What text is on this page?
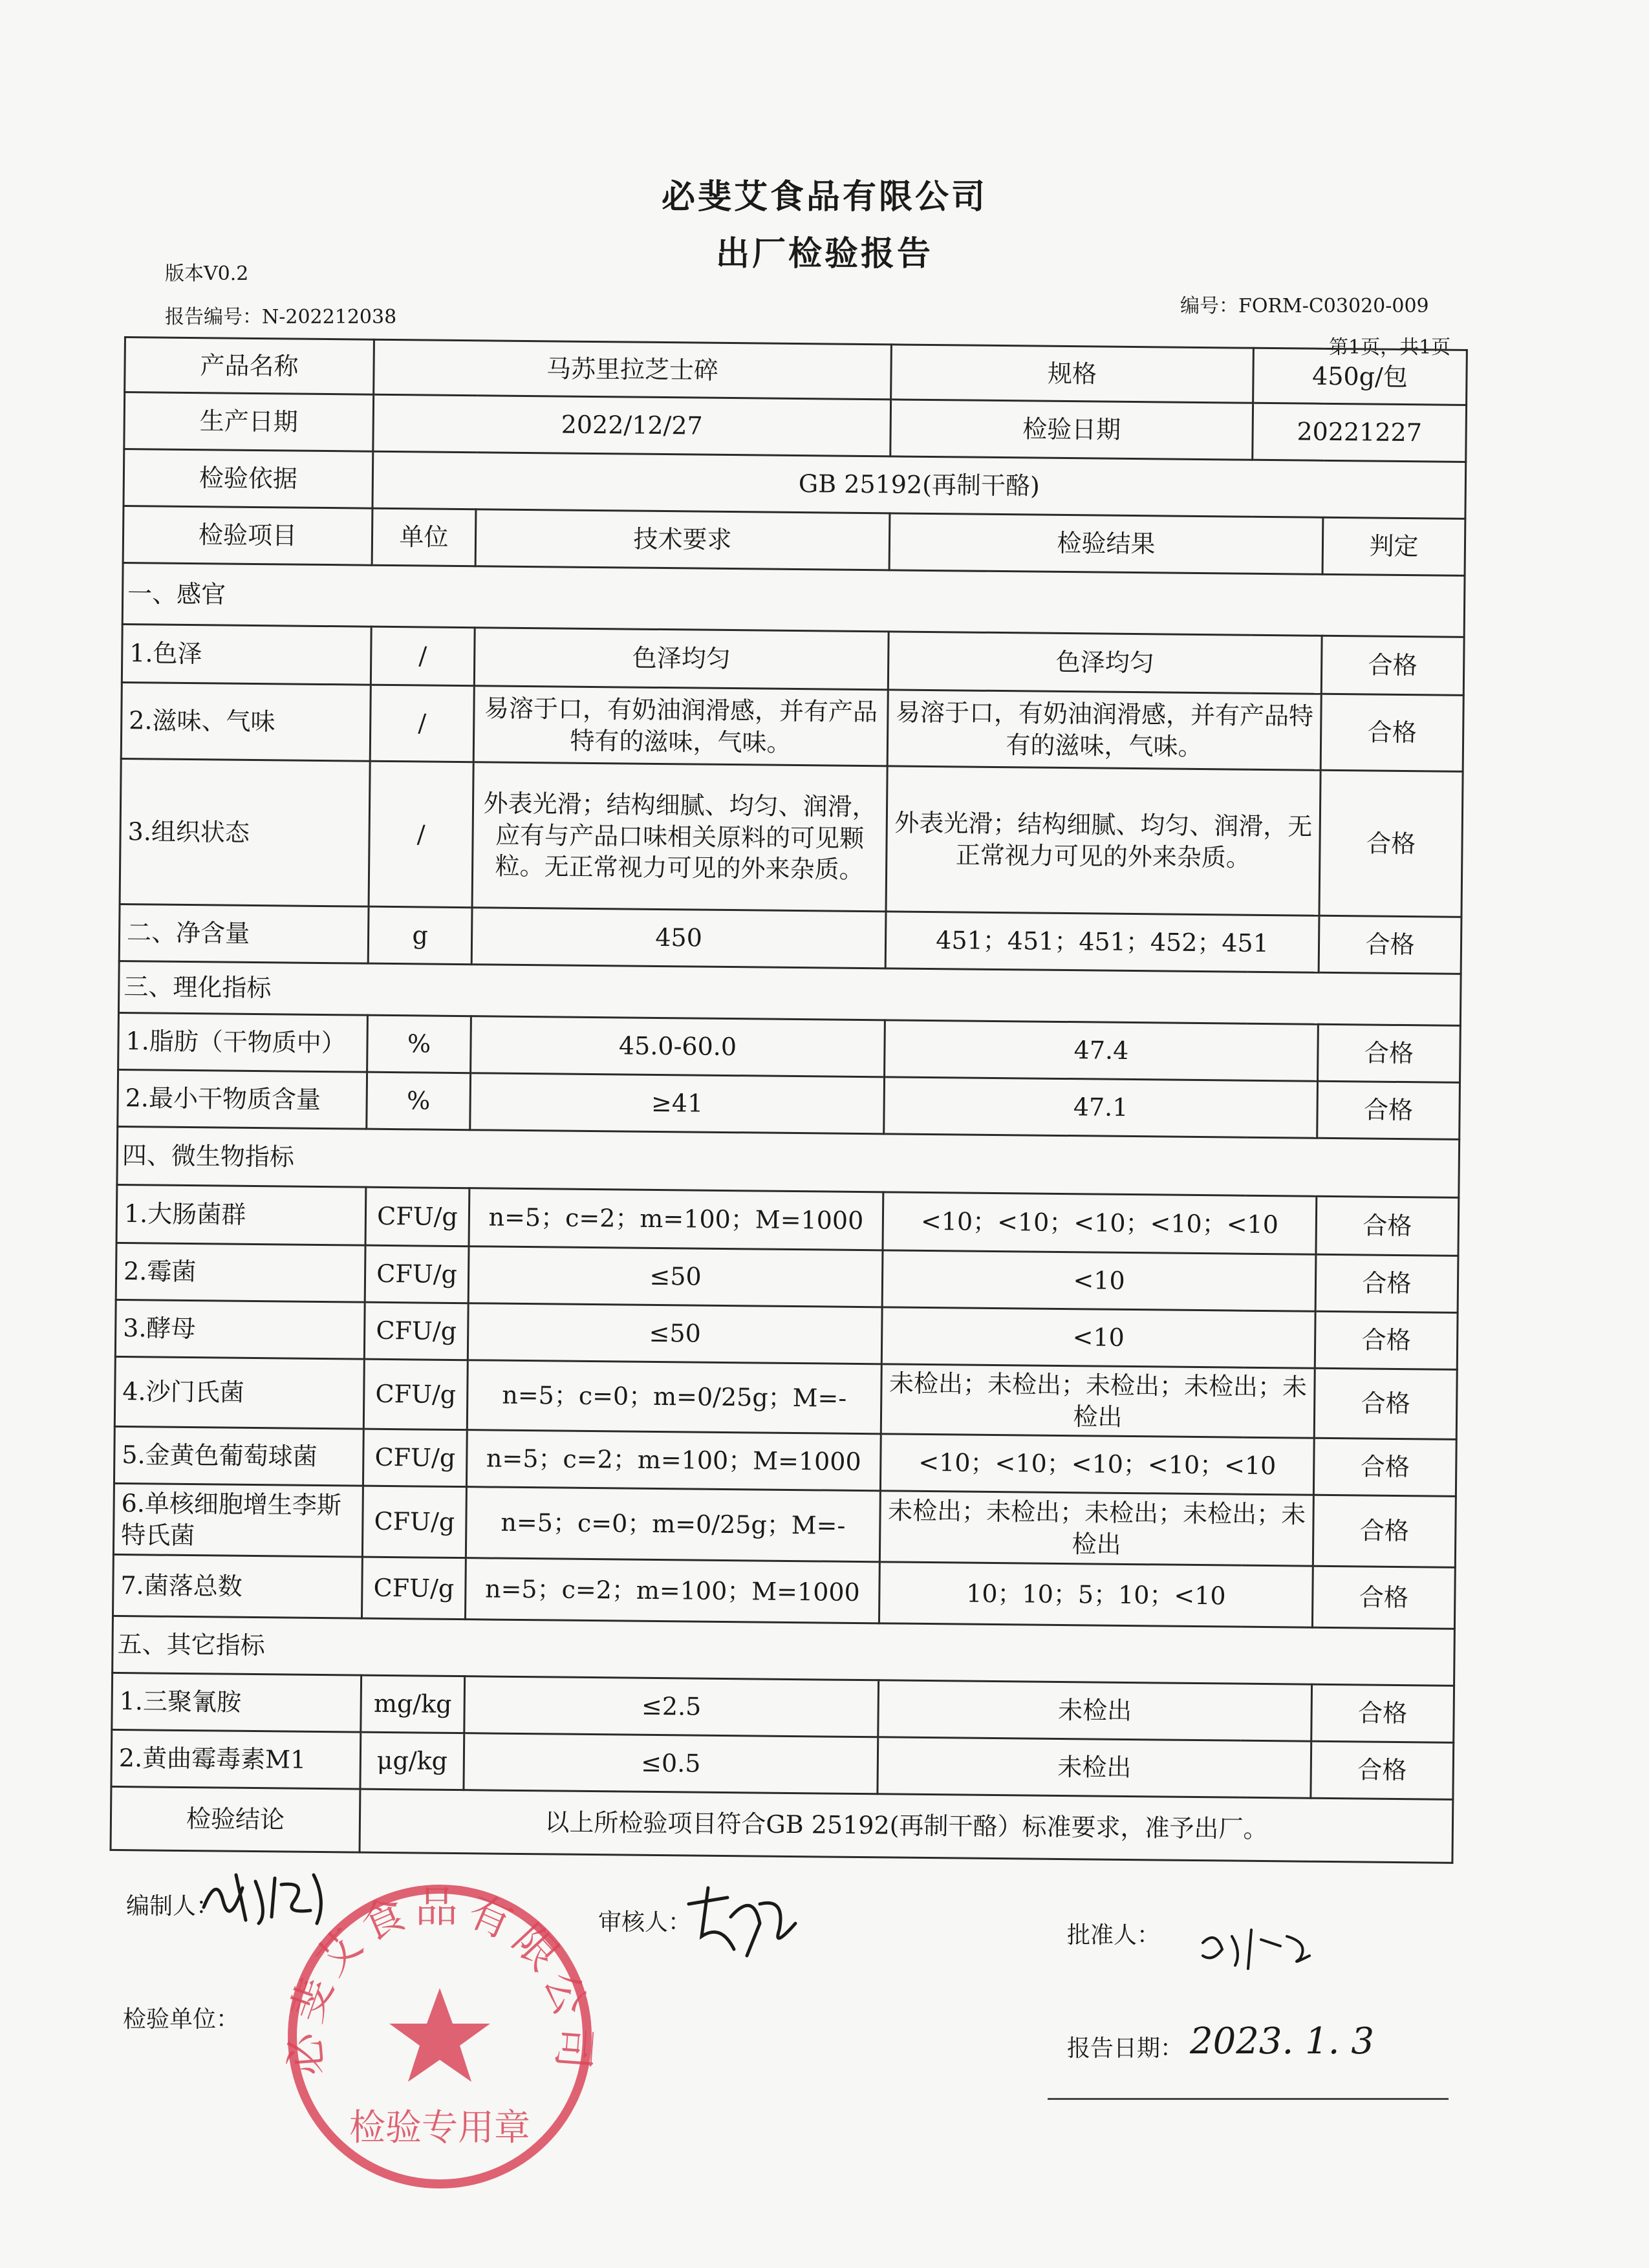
必斐艾食品有限公司
出厂检验报告
版本V0.2
报告编号：N-202212038	编号：FORM-C03020-009
第1页，共1页
产品名称	马苏里拉芝士碎		规格	450g/包	
生产日期	2022/12/27		检验日期	20221227	
检验依据	GB 25192(再制干酪)				
检验项目	单位	技术要求	检验结果		判定
一、感官					
1.色泽	/	色泽均匀	色泽均匀		合格
2.滋味、气味	/	易溶于口，有奶油润滑感，并有产品特有的滋味，气味。	易溶于口，有奶油润滑感，并有产品特有的滋味，气味。		合格
3.组织状态	/	外表光滑；结构细腻、均匀、润滑，应有与产品口味相关原料的可见颗粒。无正常视力可见的外来杂质。	外表光滑；结构细腻、均匀、润滑，无正常视力可见的外来杂质。		合格
二、净含量	g	450	451；451；451；452；451		合格
三、理化指标					
1.脂肪（干物质中）	%	45.0-60.0	47.4		合格
2.最小干物质含量	%	≥41	47.1		合格
四、微生物指标					
1.大肠菌群	CFU/g	n=5；c=2；m=100；M=1000	<10；<10；<10；<10；<10		合格
2.霉菌	CFU/g	≤50	<10		合格
3.酵母	CFU/g	≤50	<10		合格
4.沙门氏菌	CFU/g	n=5；c=0；m=0/25g；M=-	未检出；未检出；未检出；未检出；未检出		合格
5.金黄色葡萄球菌	CFU/g	n=5；c=2；m=100；M=1000	<10；<10；<10；<10；<10		合格
6.单核细胞增生李斯特氏菌	CFU/g	n=5；c=0；m=0/25g；M=-	未检出；未检出；未检出；未检出；未检出		合格
7.菌落总数	CFU/g	n=5；c=2；m=100；M=1000	10；10；5；10；<10		合格
五、其它指标					
1.三聚氰胺	mg/kg	≤2.5	未检出		合格
2.黄曲霉毒素M1	μg/kg	≤0.5	未检出		合格
检验结论	以上所检验项目符合GB 25192(再制干酪）标准要求，准予出厂。				
编制人：
审核人：	批准人：
检验单位：
报告日期： 2023. 1. 3
必斐艾食品有限公司
检验专用章
